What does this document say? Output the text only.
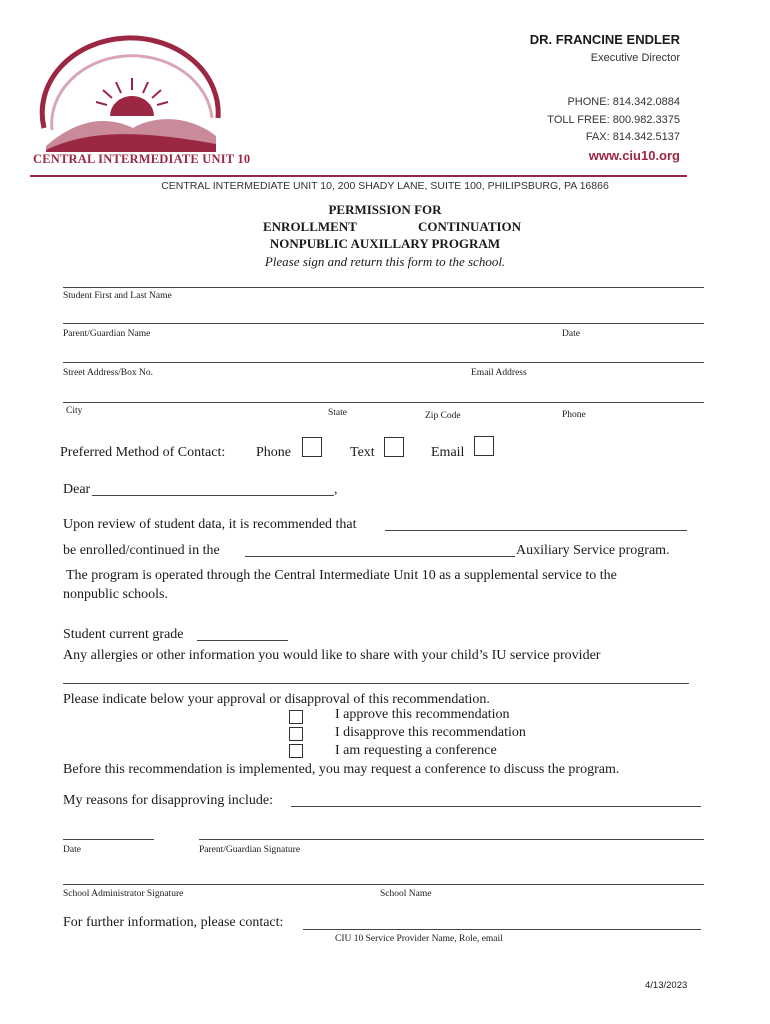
CENTRAL INTERMEDIATE UNIT 10
DR. FRANCINE ENDLER
Executive Director
PHONE: 814.342.0884
TOLL FREE: 800.982.3375
FAX: 814.342.5137
www.ciu10.org
CENTRAL INTERMEDIATE UNIT 10, 200 SHADY LANE, SUITE 100, PHILIPSBURG, PA 16866
PERMISSION FOR
ENROLLMENT	CONTINUATION
NONPUBLIC AUXILLARY PROGRAM
Please sign and return this form to the school.
Student First and Last Name
Parent/Guardian Name	Date
Street Address/Box No.	Email Address
City	State	Zip Code	Phone
Preferred Method of Contact: Phone	Text	Email
Dear	,
Upon review of student data, it is recommended that
be enrolled/continued in the	Auxiliary Service program.
The program is operated through the Central Intermediate Unit 10 as a supplemental service to the
nonpublic schools.
Student current grade
Any allergies or other information you would like to share with your child’s IU service provider
Please indicate below your approval or disapproval of this recommendation.
I approve this recommendation
I disapprove this recommendation
I am requesting a conference
Before this recommendation is implemented, you may request a conference to discuss the program.
My reasons for disapproving include:
Date	Parent/Guardian Signature
School Administrator Signature	School Name
For further information, please contact:
CIU 10 Service Provider Name, Role, email
4/13/2023
